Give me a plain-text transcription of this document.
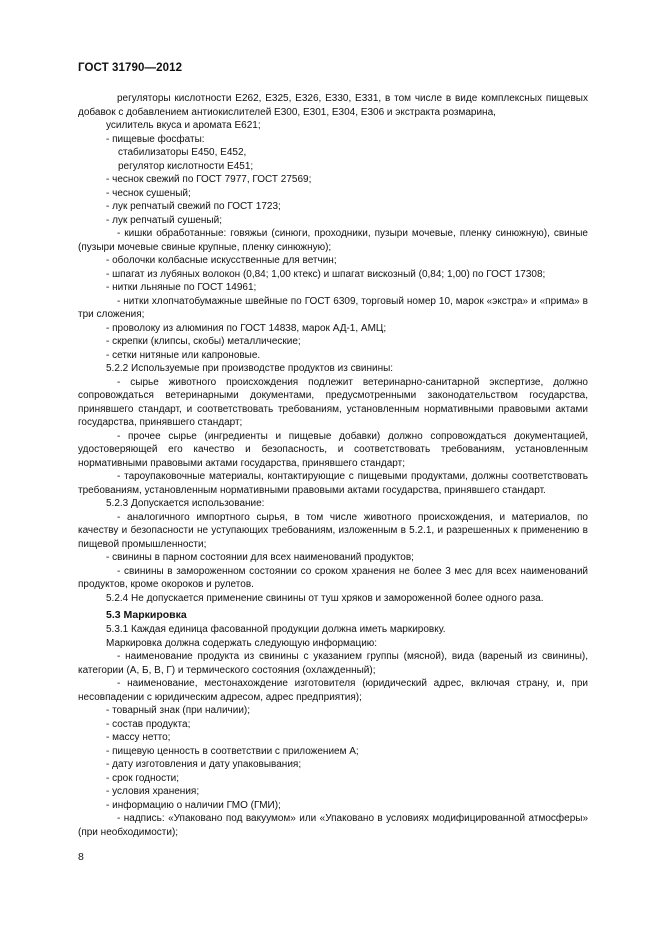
ГОСТ 31790—2012

регуляторы кислотности Е262, Е325, Е326, Е330, Е331, в том числе в виде комплексных пищевых добавок с добавлением антиокислителей Е300, Е301, Е304, Е306 и экстракта розмарина,

усилитель вкуса и аромата Е621;

- пищевые фосфаты:

стабилизаторы Е450, Е452,

регулятор кислотности Е451;

- чеснок свежий по ГОСТ 7977, ГОСТ 27569;

- чеснок сушеный;

- лук репчатый свежий по ГОСТ 1723;

- лук репчатый сушеный;

- кишки обработанные: говяжьи (синюги, проходники, пузыри мочевые, пленку синюжную), свиные (пузыри мочевые свиные крупные, пленку синюжную);

- оболочки колбасные искусственные для ветчин;

- шпагат из лубяных волокон (0,84; 1,00 ктекс) и шпагат вискозный (0,84; 1,00) по ГОСТ 17308;

- нитки льняные по ГОСТ 14961;

- нитки хлопчатобумажные швейные по ГОСТ 6309, торговый номер 10, марок «экстра» и «прима» в три сложения;

- проволоку из алюминия по ГОСТ 14838, марок АД-1, АМЦ;

- скрепки (клипсы, скобы) металлические;

- сетки нитяные или капроновые.

5.2.2 Используемые при производстве продуктов из свинины:

- сырье животного происхождения подлежит ветеринарно-санитарной экспертизе, должно сопровождаться ветеринарными документами, предусмотренными законодательством государства, принявшего стандарт, и соответствовать требованиям, установленным нормативными правовыми актами государства, принявшего стандарт;

- прочее сырье (ингредиенты и пищевые добавки) должно сопровождаться документацией, удостоверяющей его качество и безопасность, и соответствовать требованиям, установленным нормативными правовыми актами государства, принявшего стандарт;

- тароупаковочные материалы, контактирующие с пищевыми продуктами, должны соответствовать требованиям, установленным нормативными правовыми актами государства, принявшего стандарт.

5.2.3 Допускается использование:

- аналогичного импортного сырья, в том числе животного происхождения, и материалов, по качеству и безопасности не уступающих требованиям, изложенным в 5.2.1, и разрешенных к применению в пищевой промышленности;

- свинины в парном состоянии для всех наименований продуктов;

- свинины в замороженном состоянии со сроком хранения не более 3 мес для всех наименований продуктов, кроме окороков и рулетов.

5.2.4 Не допускается применение свинины от туш хряков и замороженной более одного раза.

5.3 Маркировка

5.3.1 Каждая единица фасованной продукции должна иметь маркировку.

Маркировка должна содержать следующую информацию:

- наименование продукта из свинины с указанием группы (мясной), вида (вареный из свинины), категории (А, Б, В, Г) и термического состояния (охлажденный);

- наименование, местонахождение изготовителя (юридический адрес, включая страну, и, при несовпадении с юридическим адресом, адрес предприятия);

- товарный знак (при наличии);

- состав продукта;

- массу нетто;

- пищевую ценность в соответствии с приложением А;

- дату изготовления и дату упаковывания;

- срок годности;

- условия хранения;

- информацию о наличии ГМО (ГМИ);

- надпись: «Упаковано под вакуумом» или «Упаковано в условиях модифицированной атмосферы» (при необходимости);

8
